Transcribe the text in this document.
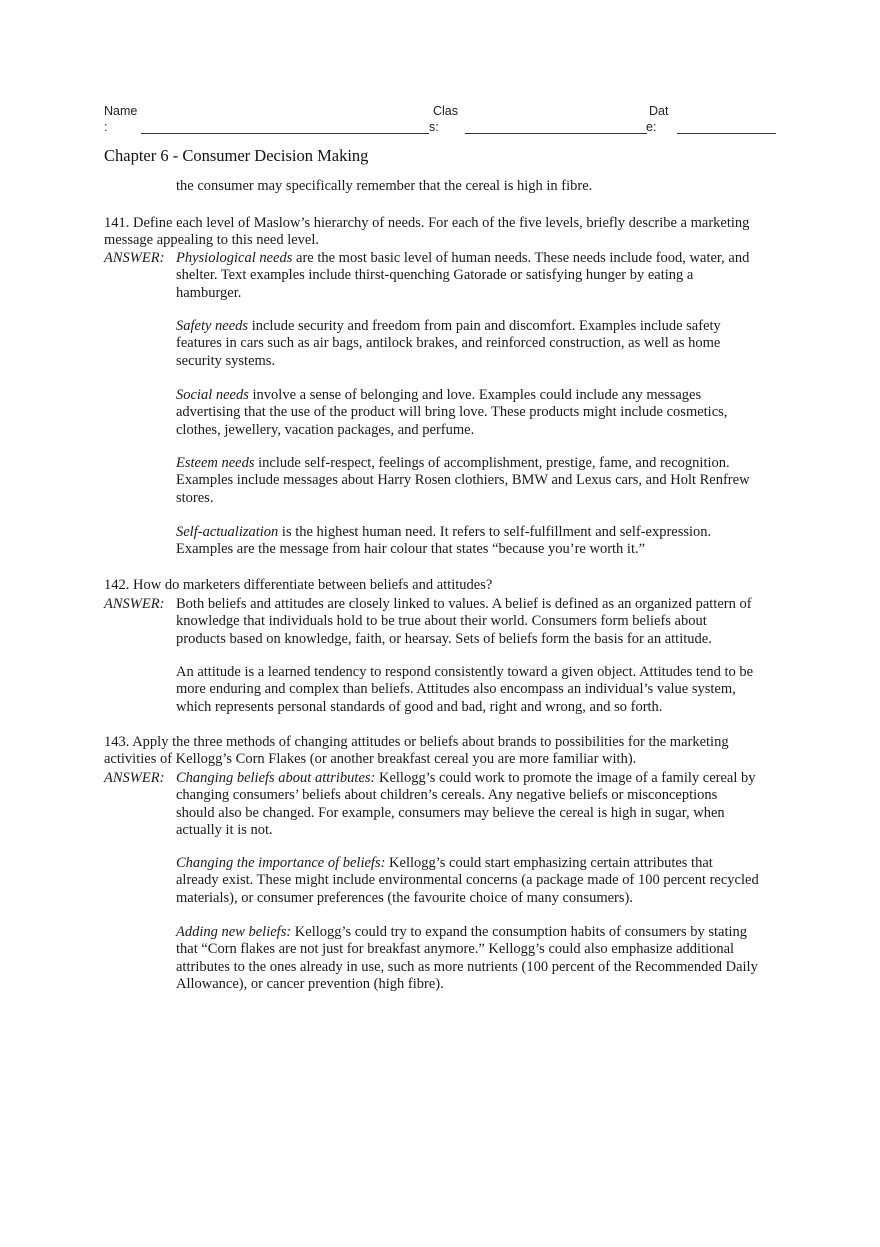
Name
:
Clas
s:
Dat
e:
Chapter 6 - Consumer Decision Making
the consumer may specifically remember that the cereal is high in fibre.
141. Define each level of Maslow’s hierarchy of needs. For each of the five levels, briefly describe a marketing
message appealing to this need level.
ANSWER: Physiological needs are the most basic level of human needs. These needs include food, water, and
shelter. Text examples include thirst-quenching Gatorade or satisfying hunger by eating a
hamburger.
Safety needs include security and freedom from pain and discomfort. Examples include safety
features in cars such as air bags, antilock brakes, and reinforced construction, as well as home
security systems.
Social needs involve a sense of belonging and love. Examples could include any messages
advertising that the use of the product will bring love. These products might include cosmetics,
clothes, jewellery, vacation packages, and perfume.
Esteem needs include self-respect, feelings of accomplishment, prestige, fame, and recognition.
Examples include messages about Harry Rosen clothiers, BMW and Lexus cars, and Holt Renfrew
stores.
Self-actualization is the highest human need. It refers to self-fulfillment and self-expression.
Examples are the message from hair colour that states “because you’re worth it.”
142. How do marketers differentiate between beliefs and attitudes?
ANSWER: Both beliefs and attitudes are closely linked to values. A belief is defined as an organized pattern of
knowledge that individuals hold to be true about their world. Consumers form beliefs about
products based on knowledge, faith, or hearsay. Sets of beliefs form the basis for an attitude.
An attitude is a learned tendency to respond consistently toward a given object. Attitudes tend to be
more enduring and complex than beliefs. Attitudes also encompass an individual’s value system,
which represents personal standards of good and bad, right and wrong, and so forth.
143. Apply the three methods of changing attitudes or beliefs about brands to possibilities for the marketing
activities of Kellogg’s Corn Flakes (or another breakfast cereal you are more familiar with).
ANSWER: Changing beliefs about attributes: Kellogg’s could work to promote the image of a family cereal by
changing consumers’ beliefs about children’s cereals. Any negative beliefs or misconceptions
should also be changed. For example, consumers may believe the cereal is high in sugar, when
actually it is not.
Changing the importance of beliefs: Kellogg’s could start emphasizing certain attributes that
already exist. These might include environmental concerns (a package made of 100 percent recycled
materials), or consumer preferences (the favourite choice of many consumers).
Adding new beliefs: Kellogg’s could try to expand the consumption habits of consumers by stating
that “Corn flakes are not just for breakfast anymore.” Kellogg’s could also emphasize additional
attributes to the ones already in use, such as more nutrients (100 percent of the Recommended Daily
Allowance), or cancer prevention (high fibre).
